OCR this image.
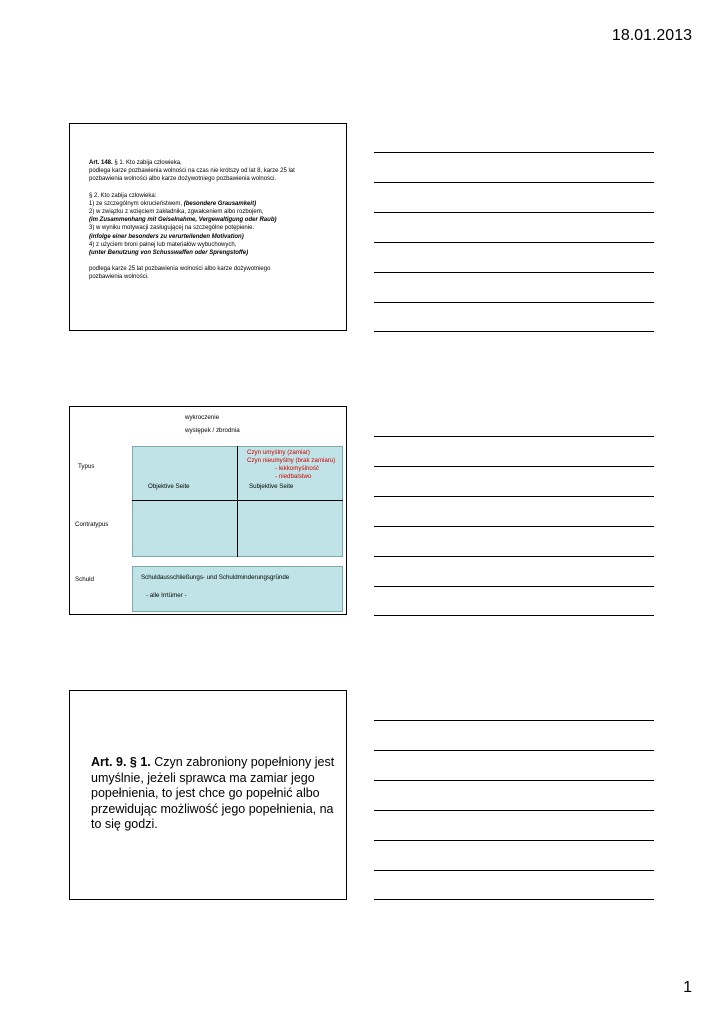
18.01.2013
Art. 148. § 1. Kto zabija człowieka,
podlega karze pozbawienia wolności na czas nie krótszy od lat 8, karze 25 lat
pozbawienia wolności albo karze dożywotniego pozbawienia wolności.
§ 2. Kto zabija człowieka:
1) ze szczególnym okrucieństwem, (besondere Grausamkeit)
2) w związku z wzięciem zakładnika, zgwałceniem albo rozbojem,
(im Zusammenhang mit Geiselnahme, Vergewaltigung oder Raub)
3) w wyniku motywacji zasługującej na szczególne potępienie.
(infolge einer besonders zu verurteilenden Motivation)
4) z użyciem broni palnej lub materiałów wybuchowych,
(unter Benutzung von Schusswaffen oder Sprengstoffe)
podlega karze 25 lat pozbawienia wolności albo karze dożywotniego
pozbawienia wolności.
wykroczenie
występek / zbrodnia
Czyn umyślny (zamiar)
Czyn nieumyślny (brak zamiaru)
- lekkomyślność
- niedbalstwo
Objektive Seite	Subjektive Seite
Typus
Contratypus
Schuld	Schuldausschließungs- und Schuldminderungsgründe
- alle Irrtümer -
Art. 9. § 1. Czyn zabroniony popełniony jest umyślnie, jeżeli sprawca ma zamiar jego popełnienia, to jest chce go popełnić albo przewidując możliwość jego popełnienia, na to się godzi.
1
